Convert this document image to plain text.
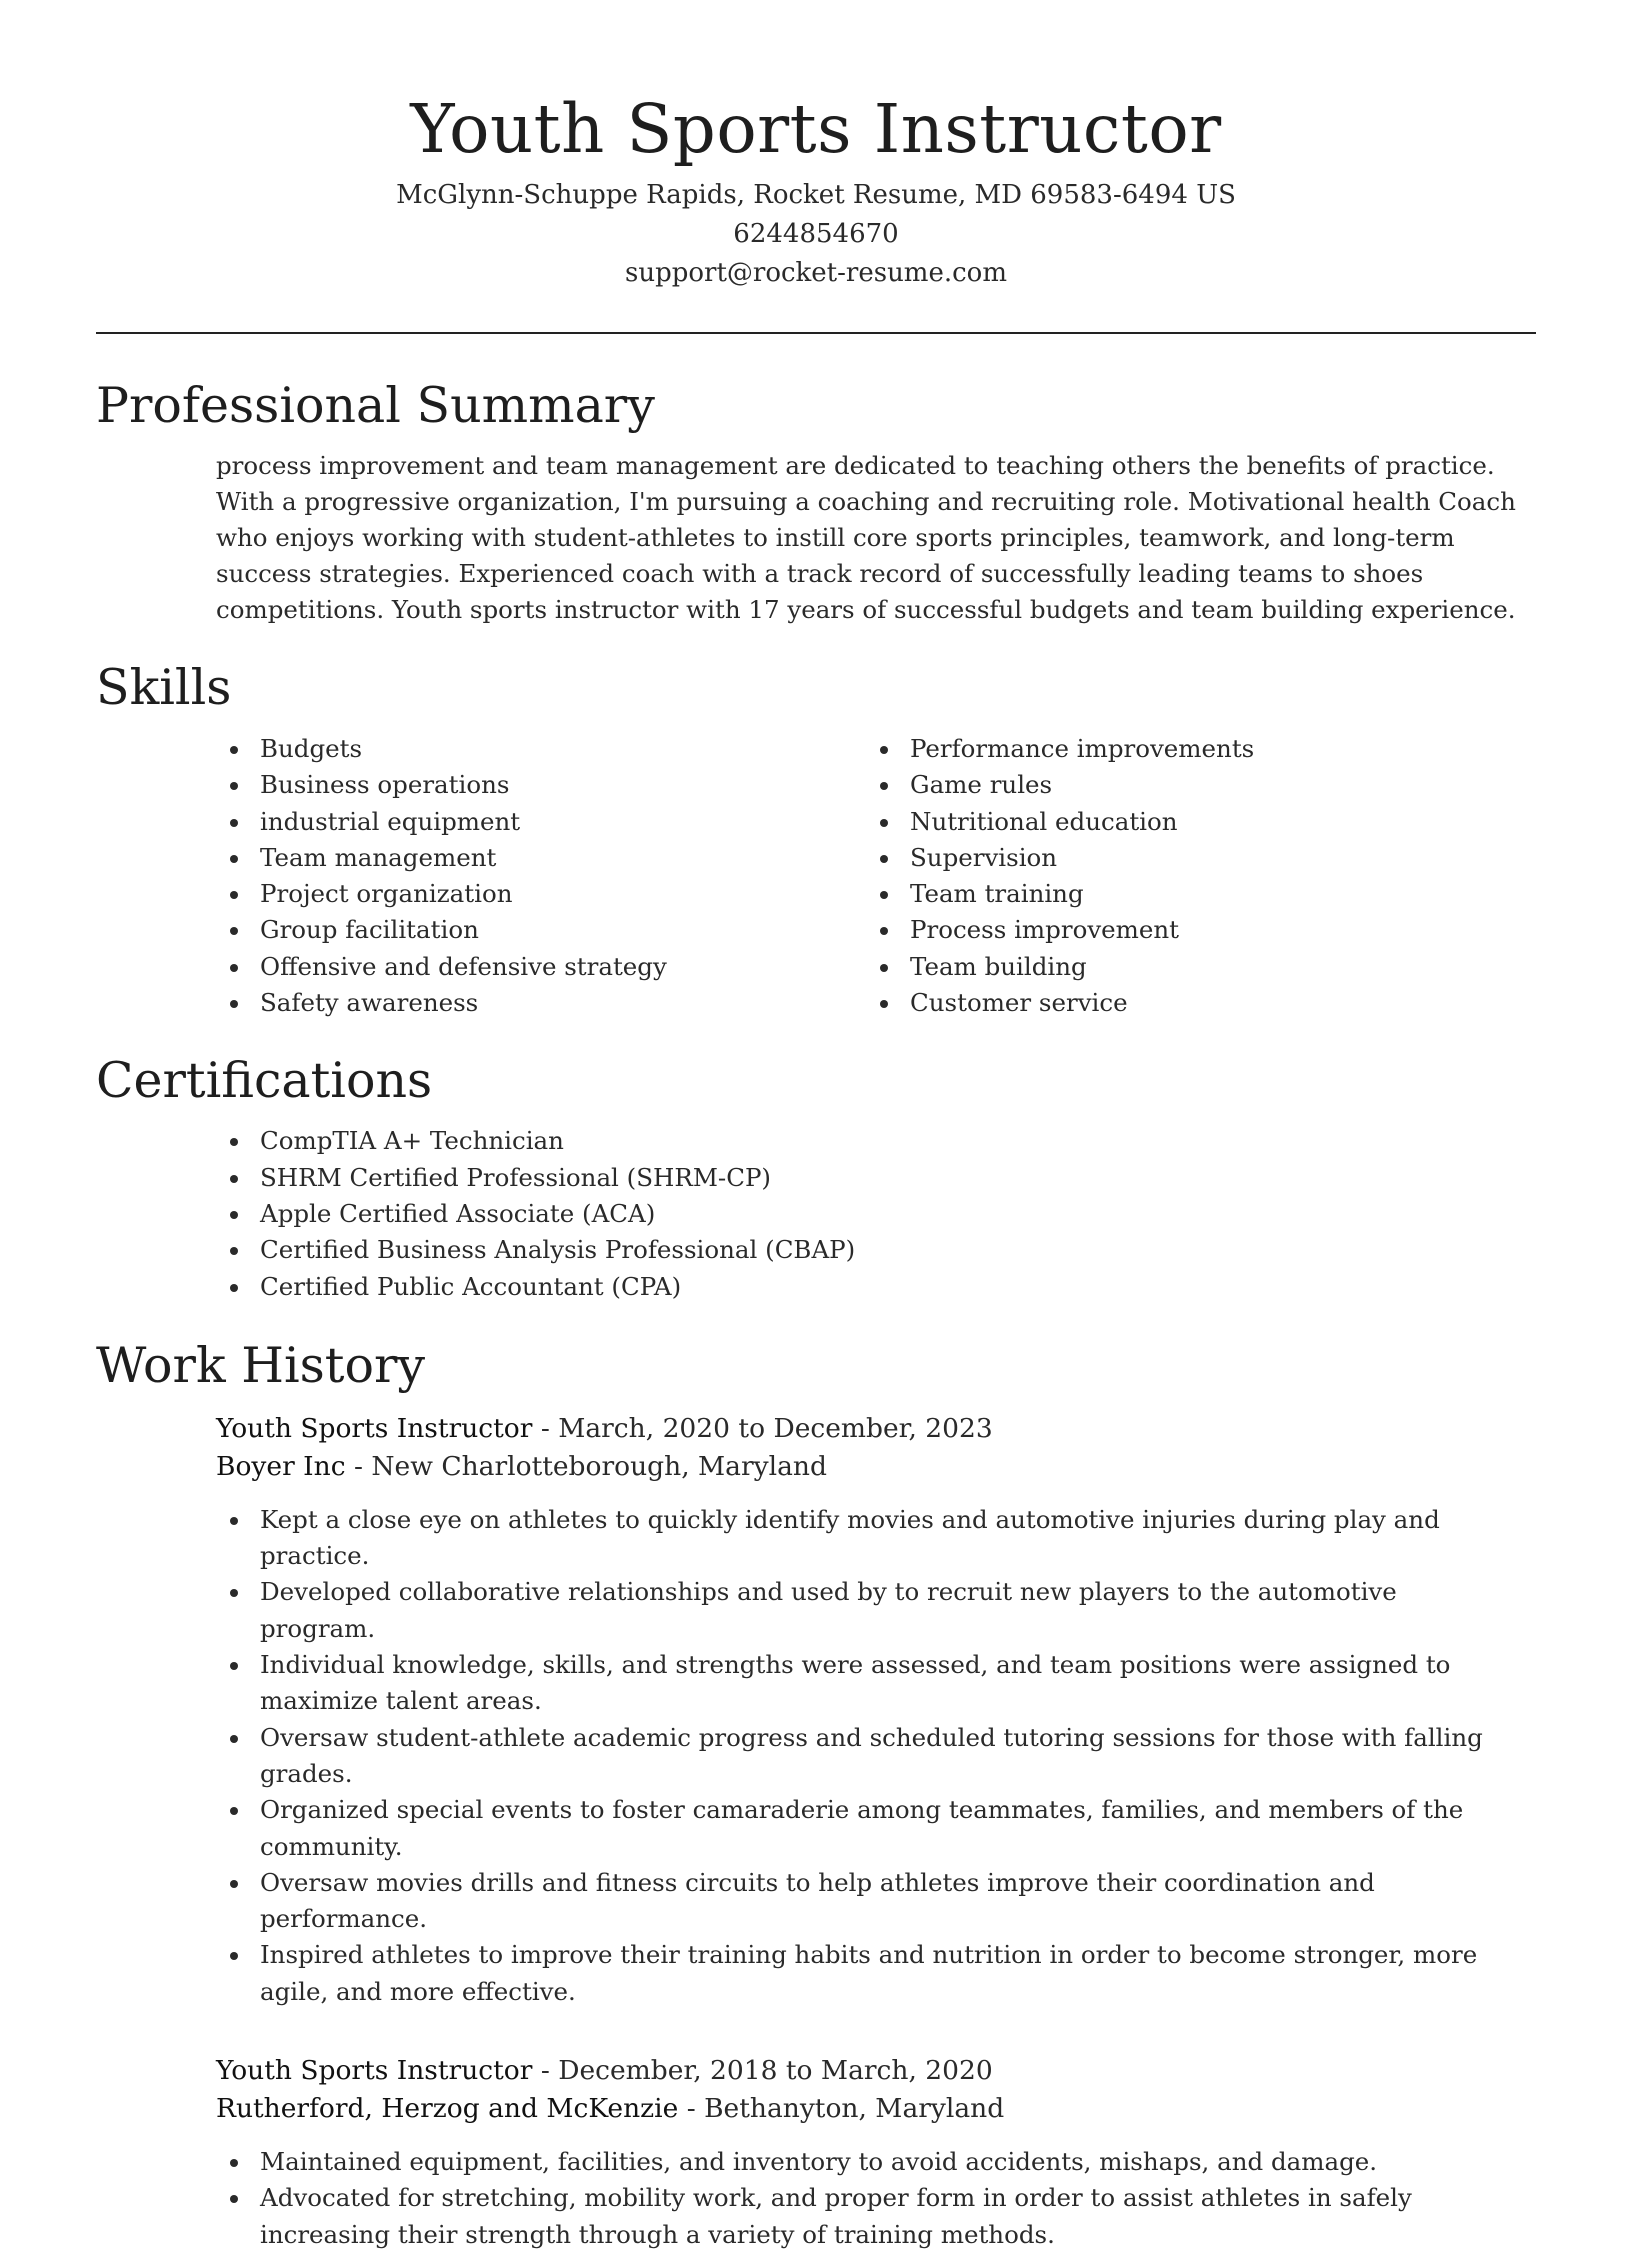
Youth Sports Instructor
McGlynn-Schuppe Rapids, Rocket Resume, MD 69583-6494 US
6244854670
support@rocket-resume.com
Professional Summary

process improvement and team management are dedicated to teaching others the benefits of practice. With a progressive organization, I'm pursuing a coaching and recruiting role. Motivational health Coach who enjoys working with student-athletes to instill core sports principles, teamwork, and long-term success strategies. Experienced coach with a track record of successfully leading teams to shoes competitions. Youth sports instructor with 17 years of successful budgets and team building experience.

Skills
Budgets
Business operations
industrial equipment
Team management
Project organization
Group facilitation
Offensive and defensive strategy
Safety awareness
Performance improvements
Game rules
Nutritional education
Supervision
Team training
Process improvement
Team building
Customer service
Certifications
CompTIA A+ Technician
SHRM Certified Professional (SHRM-CP)
Apple Certified Associate (ACA)
Certified Business Analysis Professional (CBAP)
Certified Public Accountant (CPA)
Work History
Youth Sports Instructor - March, 2020 to December, 2023
Boyer Inc - New Charlotteborough, Maryland
Kept a close eye on athletes to quickly identify movies and automotive injuries during play and practice.
Developed collaborative relationships and used by to recruit new players to the automotive program.
Individual knowledge, skills, and strengths were assessed, and team positions were assigned to maximize talent areas.
Oversaw student-athlete academic progress and scheduled tutoring sessions for those with falling grades.
Organized special events to foster camaraderie among teammates, families, and members of the community.
Oversaw movies drills and fitness circuits to help athletes improve their coordination and performance.
Inspired athletes to improve their training habits and nutrition in order to become stronger, more agile, and more effective.
Youth Sports Instructor - December, 2018 to March, 2020
Rutherford, Herzog and McKenzie - Bethanyton, Maryland
Maintained equipment, facilities, and inventory to avoid accidents, mishaps, and damage.
Advocated for stretching, mobility work, and proper form in order to assist athletes in safely increasing their strength through a variety of training methods.
